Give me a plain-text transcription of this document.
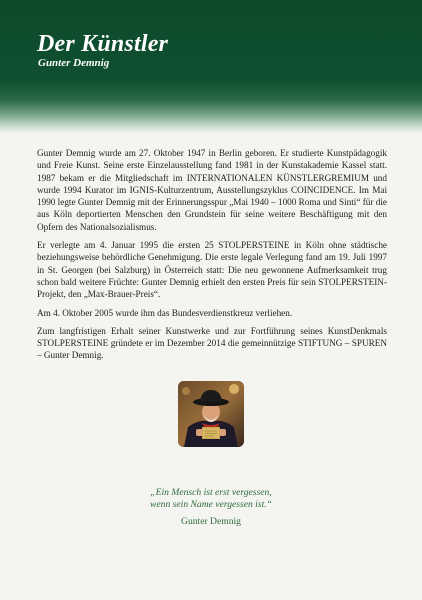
Der Künstler
Gunter Demnig

Gunter Demnig wurde am 27. Oktober 1947 in Berlin geboren. Er studierte Kunstpädagogik und Freie Kunst. Seine erste Einzelausstellung fand 1981 in der Kunstakademie Kassel statt. 1987 bekam er die Mitgliedschaft im INTERNATIONALEN KÜNSTLERGREMIUM und wurde 1994 Kurator im IGNIS-Kulturzentrum, Ausstellungszyklus COINCIDENCE. Im Mai 1990 legte Gunter Demnig mit der Erinnerungsspur „Mai 1940 – 1000 Roma und Sinti“ für die aus Köln deportierten Menschen den Grundstein für seine weitere Beschäftigung mit den Opfern des Nationalsozialismus.

Er verlegte am 4. Januar 1995 die ersten 25 STOLPERSTEINE in Köln ohne städtische beziehungsweise behördliche Genehmigung. Die erste legale Verlegung fand am 19. Juli 1997 in St. Georgen (bei Salzburg) in Österreich statt: Die neu gewonnene Aufmerksamkeit trug schon bald weitere Früchte: Gunter Demnig erhielt den ersten Preis für sein STOLPERSTEIN-Projekt, den „Max-Brauer-Preis“.

Am 4. Oktober 2005 wurde ihm das Bundesverdienstkreuz verliehen.

Zum langfristigen Erhalt seiner Kunstwerke und zur Fortführung seines KunstDenkmals STOLPERSTEINE gründete er im Dezember 2014 die gemeinnützige STIFTUNG – SPUREN – Gunter Demnig.

„Ein Mensch ist erst vergessen,
wenn sein Name vergessen ist.“
Gunter Demnig
